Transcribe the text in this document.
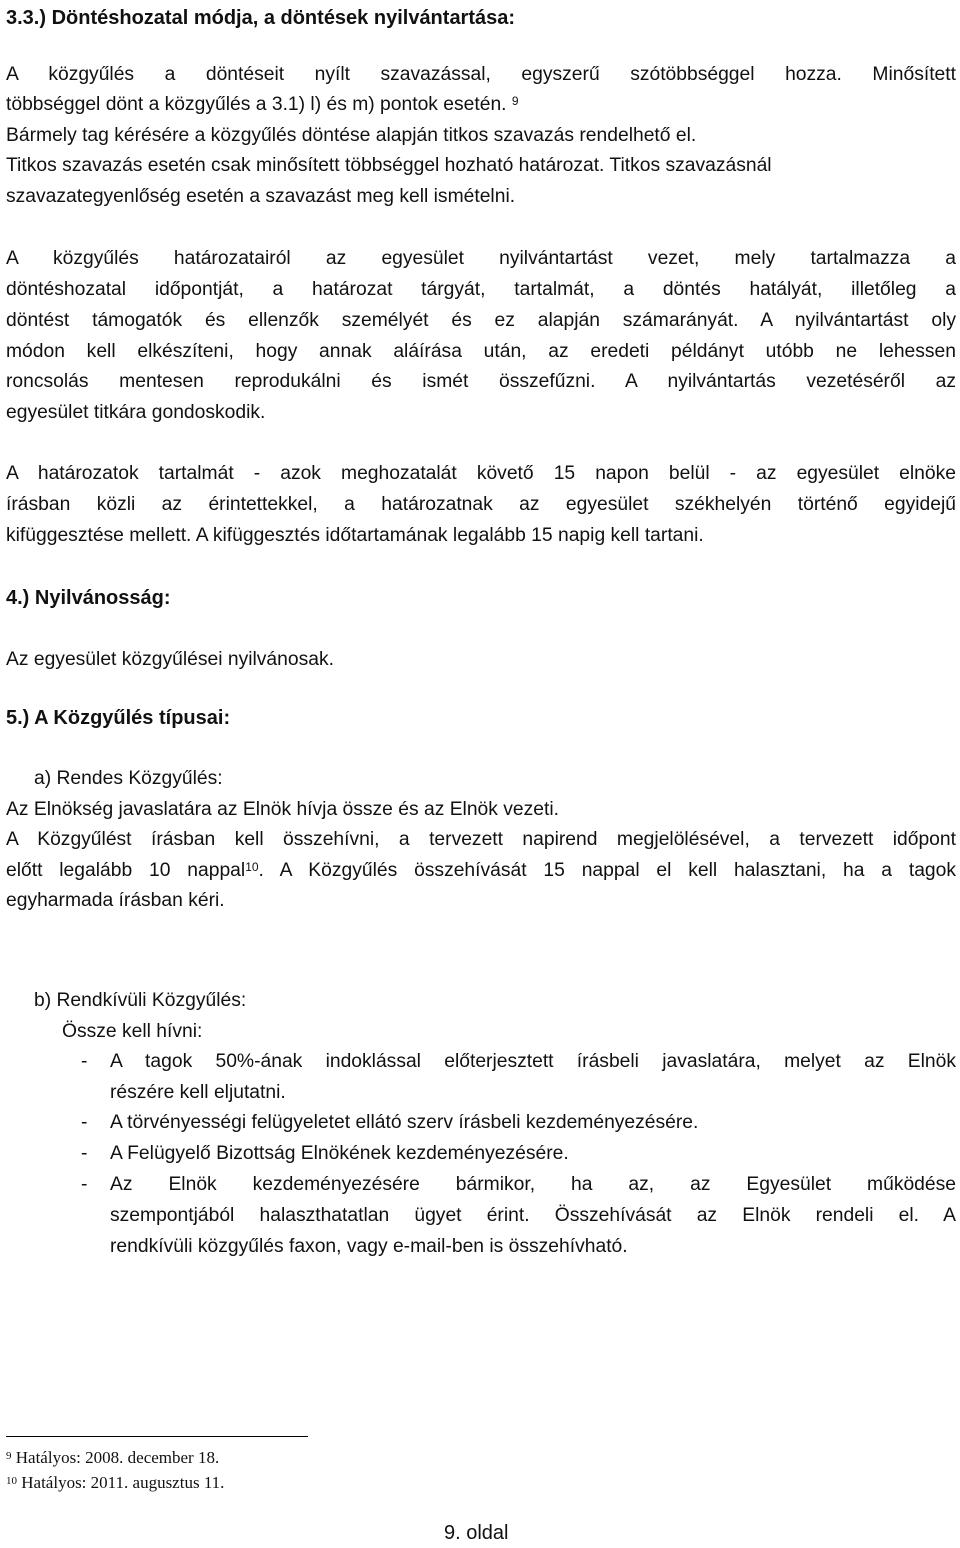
3.3.) Döntéshozatal módja, a döntések nyilvántartása:
A közgyűlés a döntéseit nyílt szavazással, egyszerű szótöbbséggel hozza. Minősített
többséggel dönt a közgyűlés a 3.1) l) és m) pontok esetén. $^9$
Bármely tag kérésére a közgyűlés döntése alapján titkos szavazás rendelhető el.
Titkos szavazás esetén csak minősített többséggel hozható határozat. Titkos szavazásnál
szavazategyenlőség esetén a szavazást meg kell ismételni.
A közgyűlés határozatairól az egyesület nyilvántartást vezet, mely tartalmazza a
döntéshozatal időpontját, a határozat tárgyát, tartalmát, a döntés hatályát, illetőleg a
döntést támogatók és ellenzők személyét és ez alapján számarányát. A nyilvántartást oly
módon kell elkészíteni, hogy annak aláírása után, az eredeti példányt utóbb ne lehessen
roncsolás mentesen reprodukálni és ismét összefűzni. A nyilvántartás vezetéséről az
egyesület titkára gondoskodik.
A határozatok tartalmát - azok meghozatalát követő 15 napon belül - az egyesület elnöke
írásban közli az érintettekkel, a határozatnak az egyesület székhelyén történő egyidejű
kifüggesztése mellett. A kifüggesztés időtartamának legalább 15 napig kell tartani.
4.) Nyilvánosság:
Az egyesület közgyűlései nyilvánosak.
5.) A Közgyűlés típusai:
a) Rendes Közgyűlés:
Az Elnökség javaslatára az Elnök hívja össze és az Elnök vezeti.
A Közgyűlést írásban kell összehívni, a tervezett napirend megjelölésével, a tervezett időpont
előtt legalább 10 nappal$^{10}$. A Közgyűlés összehívását 15 nappal el kell halasztani, ha a tagok
egyharmada írásban kéri.
b) Rendkívüli Közgyűlés:
Össze kell hívni:
- A tagok 50%-ának indoklással előterjesztett írásbeli javaslatára, melyet az Elnök
részére kell eljutatni.
- A törvényességi felügyeletet ellátó szerv írásbeli kezdeményezésére.
- A Felügyelő Bizottság Elnökének kezdeményezésére.
- Az Elnök kezdeményezésére bármikor, ha az, az Egyesület működése
szempontjából halaszthatatlan ügyet érint. Összehívását az Elnök rendeli el. A
rendkívüli közgyűlés faxon, vagy e-mail-ben is összehívható.
$^9$ Hatályos: 2008. december 18.
$^{10}$ Hatályos: 2011. augusztus 11.
9. oldal
